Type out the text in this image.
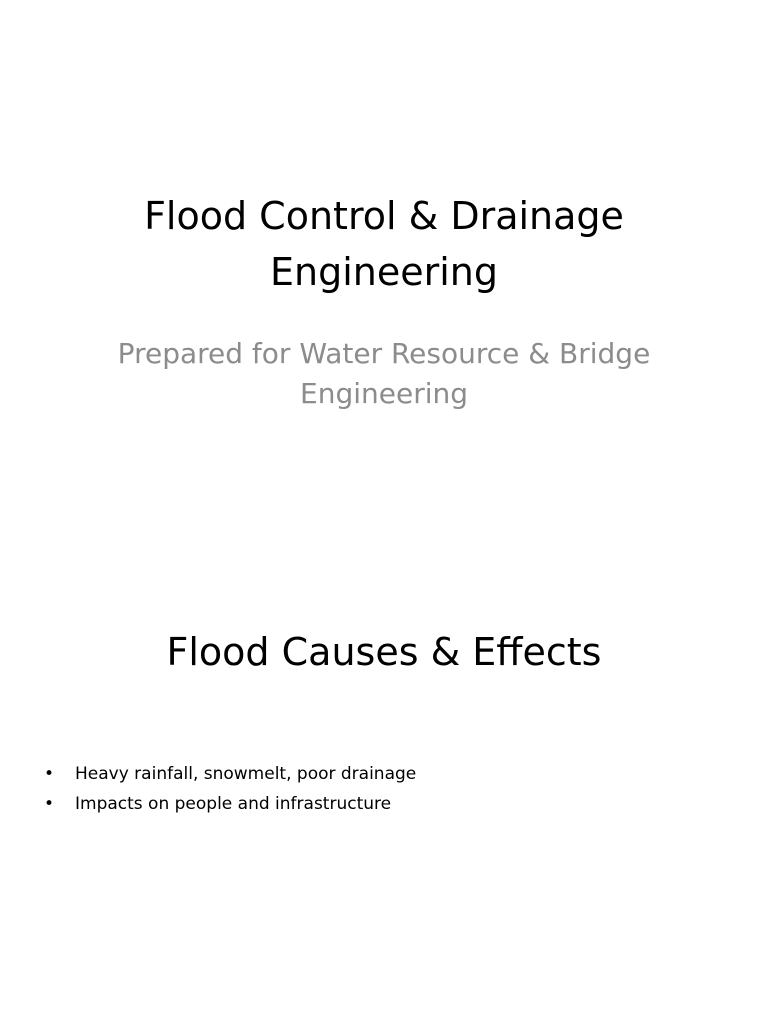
Flood Control & Drainage Engineering

Prepared for Water Resource & Bridge Engineering

Flood Causes & Effects
• Heavy rainfall, snowmelt, poor drainage
• Impacts on people and infrastructure
